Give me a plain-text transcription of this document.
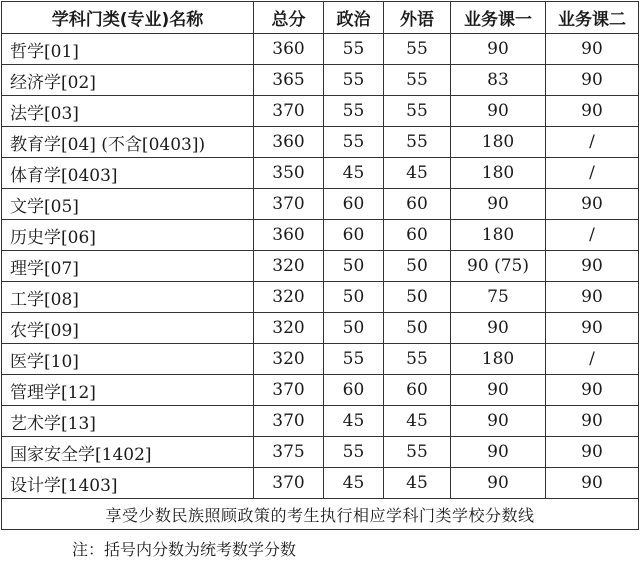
学科门类(专业)名称	总分	政治	外语	业务课一	业务课二
哲学[01]	360	55	55	90	90
经济学[02]	365	55	55	83	90
法学[03]	370	55	55	90	90
教育学[04] (不含[0403])	360	55	55	180	/
体育学[0403]	350	45	45	180	/
文学[05]	370	60	60	90	90
历史学[06]	360	60	60	180	/
理学[07]	320	50	50	90 (75)	90
工学[08]	320	50	50	75	90
农学[09]	320	50	50	90	90
医学[10]	320	55	55	180	/
管理学[12]	370	60	60	90	90
艺术学[13]	370	45	45	90	90
国家安全学[1402]	375	55	55	90	90
设计学[1403]	370	45	45	90	90
享受少数民族照顾政策的考生执行相应学科门类学校分数线					
注：括号内分数为统考数学分数
